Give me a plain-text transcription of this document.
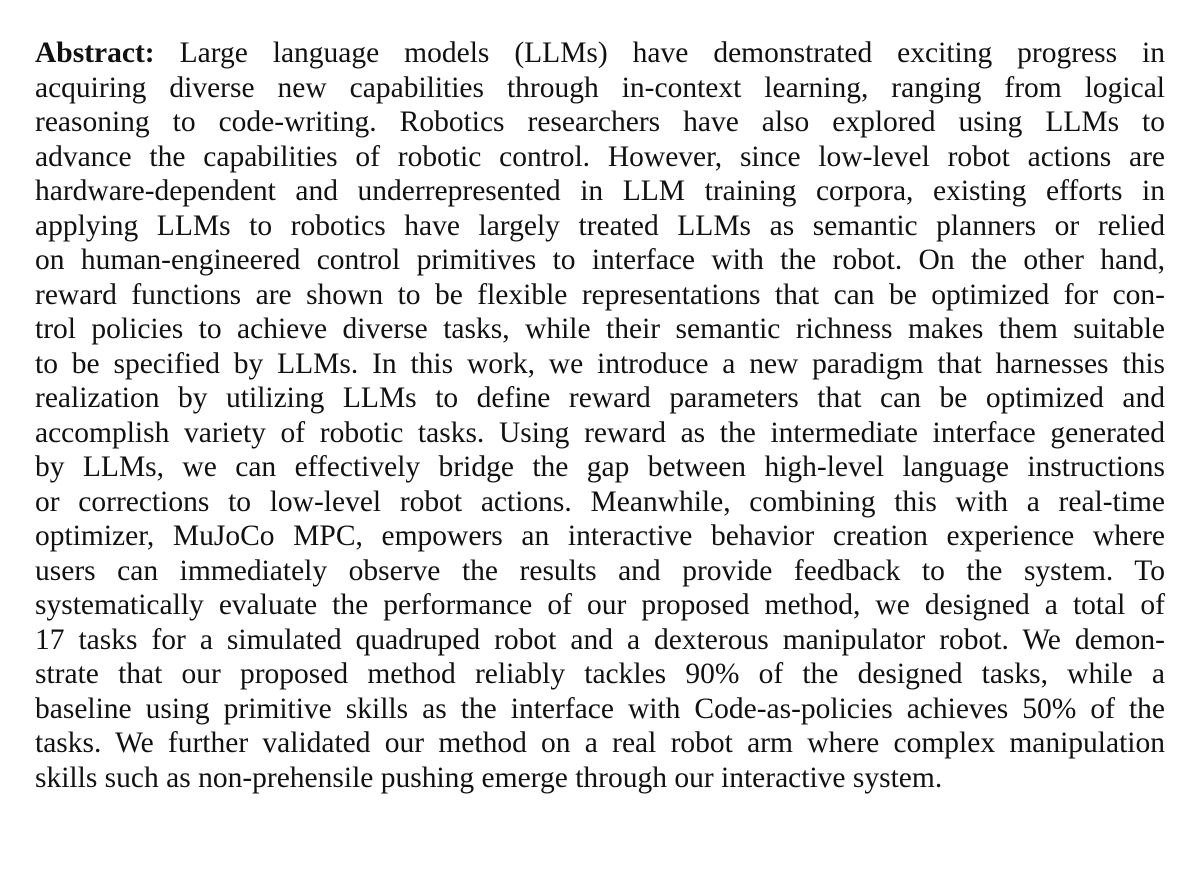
Abstract: Large language models (LLMs) have demonstrated exciting progress in
acquiring diverse new capabilities through in-context learning, ranging from logical
reasoning to code-writing. Robotics researchers have also explored using LLMs to
advance the capabilities of robotic control. However, since low-level robot actions are
hardware-dependent and underrepresented in LLM training corpora, existing efforts in
applying LLMs to robotics have largely treated LLMs as semantic planners or relied
on human-engineered control primitives to interface with the robot. On the other hand,
reward functions are shown to be flexible representations that can be optimized for con-
trol policies to achieve diverse tasks, while their semantic richness makes them suitable
to be specified by LLMs. In this work, we introduce a new paradigm that harnesses this
realization by utilizing LLMs to define reward parameters that can be optimized and
accomplish variety of robotic tasks. Using reward as the intermediate interface generated
by LLMs, we can effectively bridge the gap between high-level language instructions
or corrections to low-level robot actions. Meanwhile, combining this with a real-time
optimizer, MuJoCo MPC, empowers an interactive behavior creation experience where
users can immediately observe the results and provide feedback to the system. To
systematically evaluate the performance of our proposed method, we designed a total of
17 tasks for a simulated quadruped robot and a dexterous manipulator robot. We demon-
strate that our proposed method reliably tackles 90% of the designed tasks, while a
baseline using primitive skills as the interface with Code-as-policies achieves 50% of the
tasks. We further validated our method on a real robot arm where complex manipulation
skills such as non-prehensile pushing emerge through our interactive system.
